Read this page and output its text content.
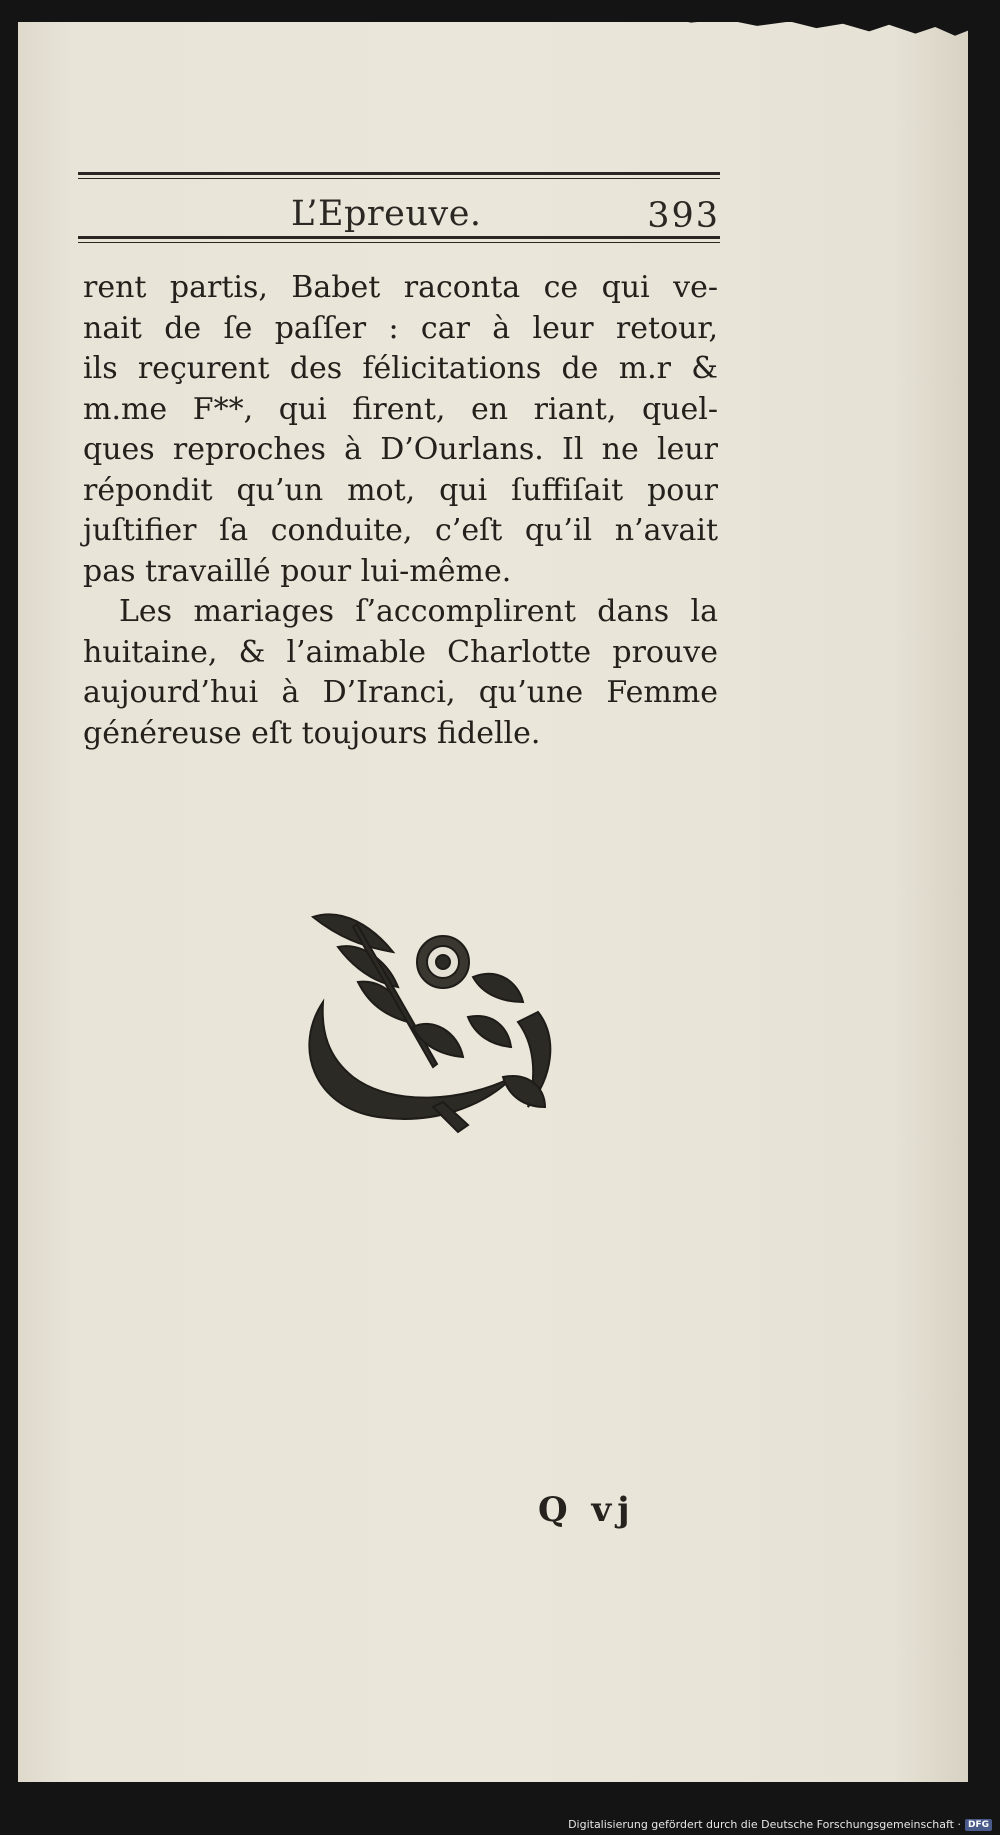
L’Epreuve.	393
rent partis, Babet raconta ce qui ve-
nait de ſe paſſer : car à leur retour,
ils reçurent des félicitations de m.r &
m.me F**, qui firent, en riant, quel-
ques reproches à D’Ourlans. Il ne leur
répondit qu’un mot, qui ſuffiſait pour
juſtifier ſa conduite, c’eſt qu’il n’avait
pas travaillé pour lui-même.
Les mariages ſ’accomplirent dans la
huitaine, & l’aimable Charlotte prouve
aujourd’hui à D’Iranci, qu’une Femme
généreuse eſt toujours fidelle.
Q vj
Digitalisierung gefördert durch die Deutsche Forschungsgemeinschaft · DFG
